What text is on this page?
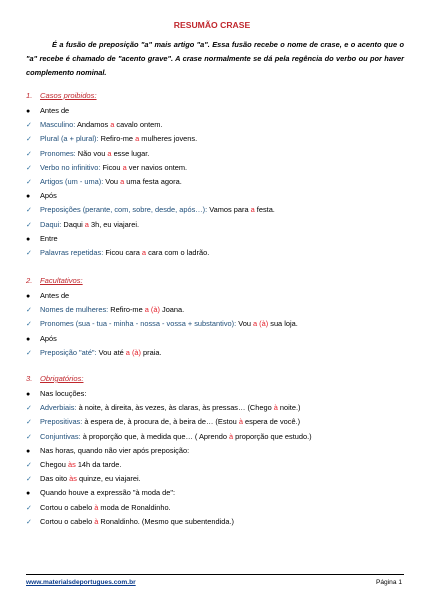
RESUMÃO CRASE

É a fusão de preposição "a" mais artigo "a". Essa fusão recebe o nome de crase, e o acento que o "a" recebe é chamado de "acento grave". A crase normalmente se dá pela regência do verbo ou por haver complemento nominal.

1. Casos proibidos:
● Antes de
✓ Masculino: Andamos a cavalo ontem.
✓ Plural (a + plural): Refiro-me a mulheres jovens.
✓ Pronomes: Não vou a esse lugar.
✓ Verbo no infinitivo: Ficou a ver navios ontem.
✓ Artigos (um - uma): Vou a uma festa agora.
● Após
✓ Preposições (perante, com, sobre, desde, após…): Vamos para a festa.
✓ Daqui: Daqui a 3h, eu viajarei.
● Entre
✓ Palavras repetidas: Ficou cara a cara com o ladrão.
2. Facultativos:
● Antes de
✓ Nomes de mulheres: Refiro-me a (à) Joana.
✓ Pronomes (sua - tua - minha - nossa - vossa + substantivo): Vou a (à) sua loja.
● Após
✓ Preposição "até": Vou até a (à) praia.
3. Obrigatórios:
● Nas locuções:
✓ Adverbiais: à noite, à direita, às vezes, às claras, às pressas… (Chego à noite.)
✓ Prepositivas: à espera de, à procura de, à beira de… (Estou à espera de você.)
✓ Conjuntivas: à proporção que, à medida que… ( Aprendo à proporção que estudo.)
● Nas horas, quando não vier após preposição:
✓ Chegou às 14h da tarde.
✓ Das oito às quinze, eu viajarei.
● Quando houve a expressão "à moda de":
✓ Cortou o cabelo à moda de Ronaldinho.
✓ Cortou o cabelo à Ronaldinho. (Mesmo que subentendida.)
www.materialsdeportugues.com.br	Página 1
